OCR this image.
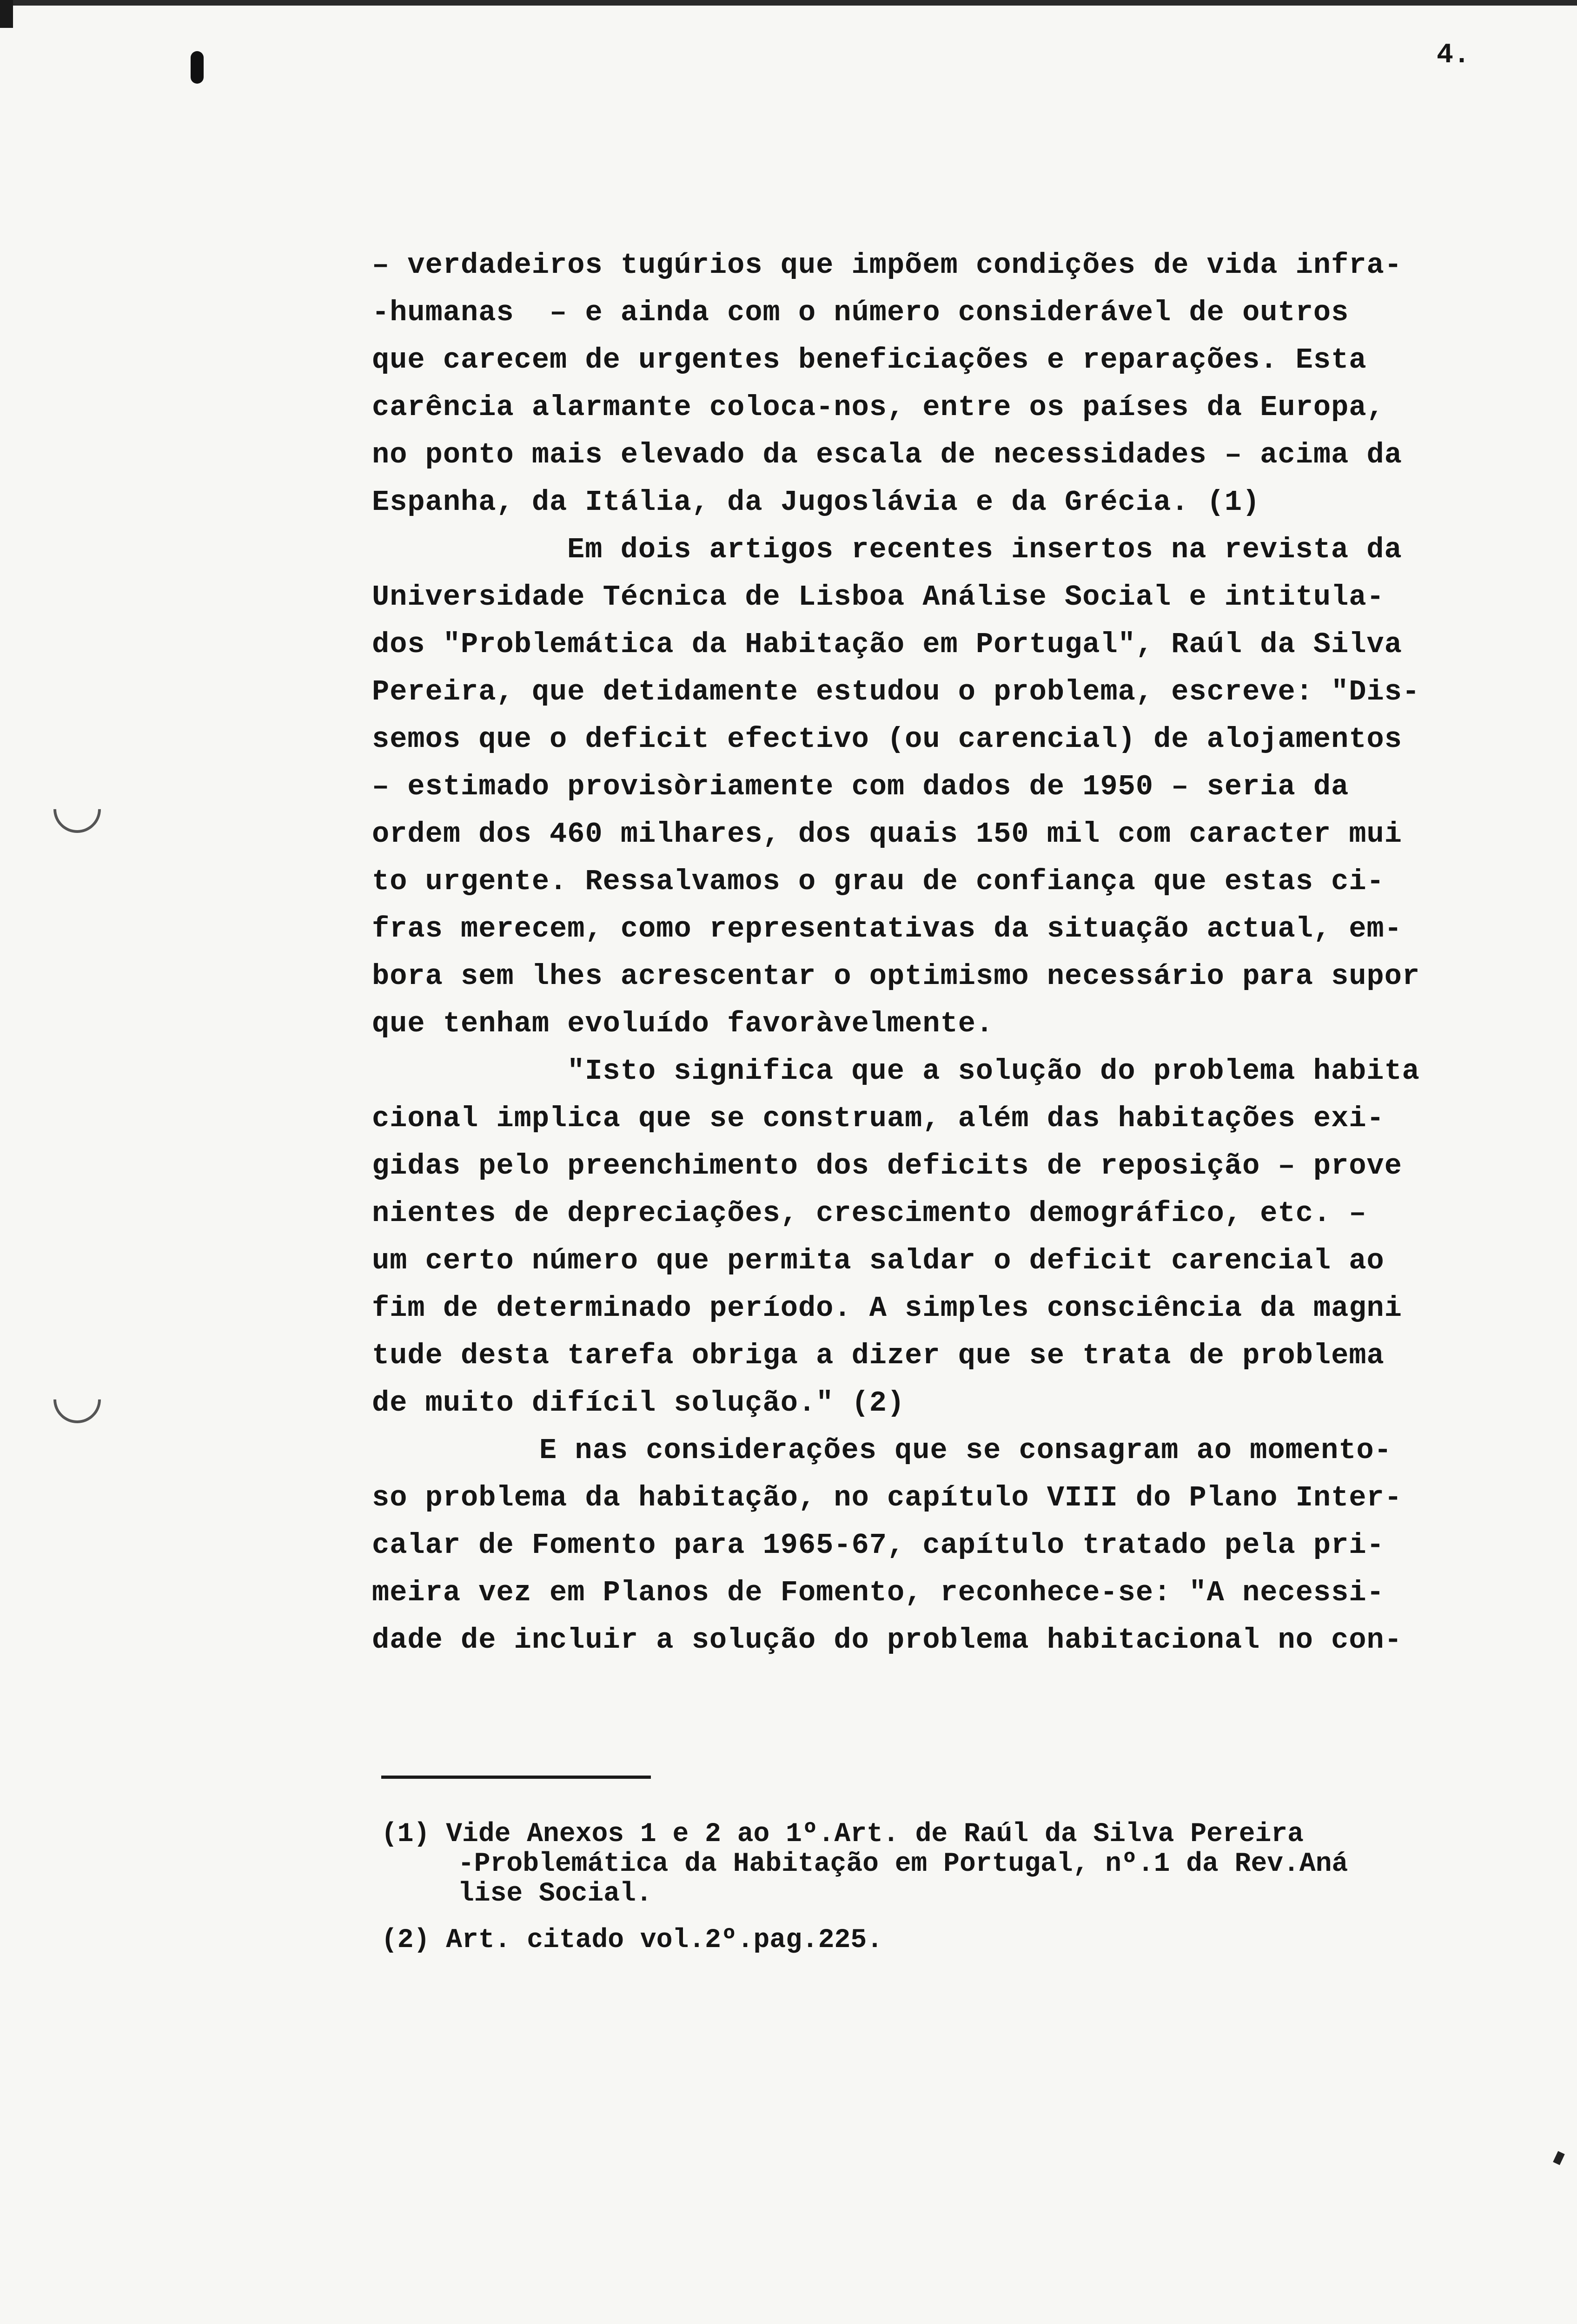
4.
– verdadeiros tugúrios que impõem condições de vida infra-
-humanas  – e ainda com o número considerável de outros
que carecem de urgentes beneficiações e reparações. Esta
carência alarmante coloca-nos, entre os países da Europa,
no ponto mais elevado da escala de necessidades – acima da
Espanha, da Itália, da Jugoslávia e da Grécia. (1)
Em dois artigos recentes insertos na revista da
Universidade Técnica de Lisboa Análise Social e intitula-
dos "Problemática da Habitação em Portugal", Raúl da Silva
Pereira, que detidamente estudou o problema, escreve: "Dis-
semos que o deficit efectivo (ou carencial) de alojamentos
– estimado provisòriamente com dados de 1950 – seria da
ordem dos 460 milhares, dos quais 150 mil com caracter mui
to urgente. Ressalvamos o grau de confiança que estas ci-
fras merecem, como representativas da situação actual, em-
bora sem lhes acrescentar o optimismo necessário para supor
que tenham evoluído favoràvelmente.
"Isto significa que a solução do problema habita
cional implica que se construam, além das habitações exi-
gidas pelo preenchimento dos deficits de reposição – prove
nientes de depreciações, crescimento demográfico, etc. –
um certo número que permita saldar o deficit carencial ao
fim de determinado período. A simples consciência da magni
tude desta tarefa obriga a dizer que se trata de problema
de muito difícil solução." (2)
E nas considerações que se consagram ao momento-
so problema da habitação, no capítulo VIII do Plano Inter-
calar de Fomento para 1965-67, capítulo tratado pela pri-
meira vez em Planos de Fomento, reconhece-se: "A necessi-
dade de incluir a solução do problema habitacional no con-
(1) Vide Anexos 1 e 2 ao 1º.Art. de Raúl da Silva Pereira
-Problemática da Habitação em Portugal, nº.1 da Rev.Aná
lise Social.
(2) Art. citado vol.2º.pag.225.
